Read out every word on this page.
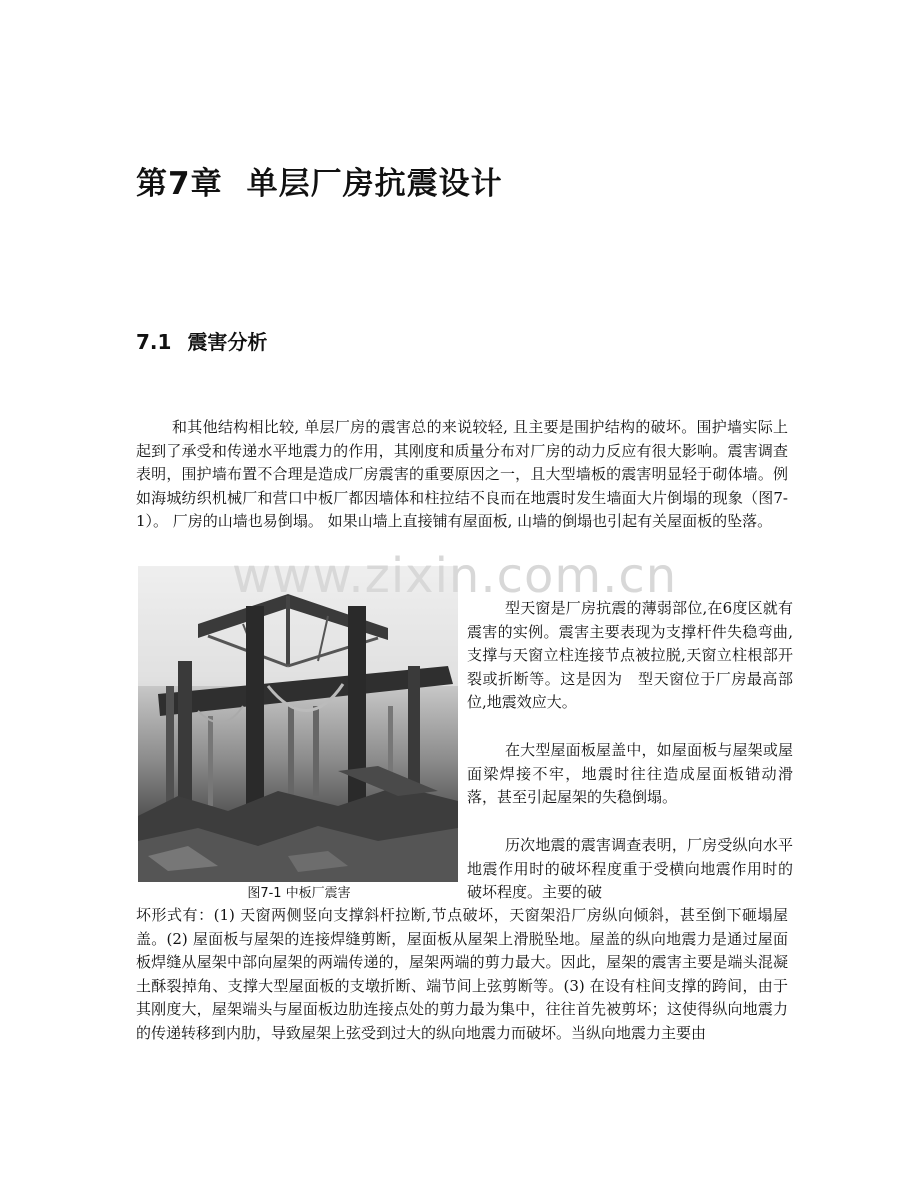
第7章 单层厂房抗震设计
7.1 震害分析

和其他结构相比较, 单层厂房的震害总的来说较轻, 且主要是围护结构的破坏。围护墙实际上起到了承受和传递水平地震力的作用，其刚度和质量分布对厂房的动力反应有很大影响。震害调查表明，围护墙布置不合理是造成厂房震害的重要原因之一，且大型墙板的震害明显轻于砌体墙。例如海城纺织机械厂和营口中板厂都因墙体和柱拉结不良而在地震时发生墙面大片倒塌的现象（图7-1）。 厂房的山墙也易倒塌。 如果山墙上直接铺有屋面板, 山墙的倒塌也引起有关屋面板的坠落。

图7-1 中板厂震害

型天窗是厂房抗震的薄弱部位,在6度区就有震害的实例。震害主要表现为支撑杆件失稳弯曲,支撑与天窗立柱连接节点被拉脱,天窗立柱根部开裂或折断等。这是因为　型天窗位于厂房最高部位,地震效应大。

在大型屋面板屋盖中，如屋面板与屋架或屋面梁焊接不牢，地震时往往造成屋面板错动滑落，甚至引起屋架的失稳倒塌。

历次地震的震害调查表明，厂房受纵向水平地震作用时的破坏程度重于受横向地震作用时的破坏程度。主要的破

坏形式有：(1) 天窗两侧竖向支撑斜杆拉断,节点破坏，天窗架沿厂房纵向倾斜，甚至倒下砸塌屋盖。(2) 屋面板与屋架的连接焊缝剪断，屋面板从屋架上滑脱坠地。屋盖的纵向地震力是通过屋面板焊缝从屋架中部向屋架的两端传递的，屋架两端的剪力最大。因此，屋架的震害主要是端头混凝土酥裂掉角、支撑大型屋面板的支墩折断、端节间上弦剪断等。(3) 在设有柱间支撑的跨间，由于其刚度大，屋架端头与屋面板边肋连接点处的剪力最为集中，往往首先被剪坏；这使得纵向地震力的传递转移到内肋，导致屋架上弦受到过大的纵向地震力而破坏。当纵向地震力主要由

www.zixin.com.cn
